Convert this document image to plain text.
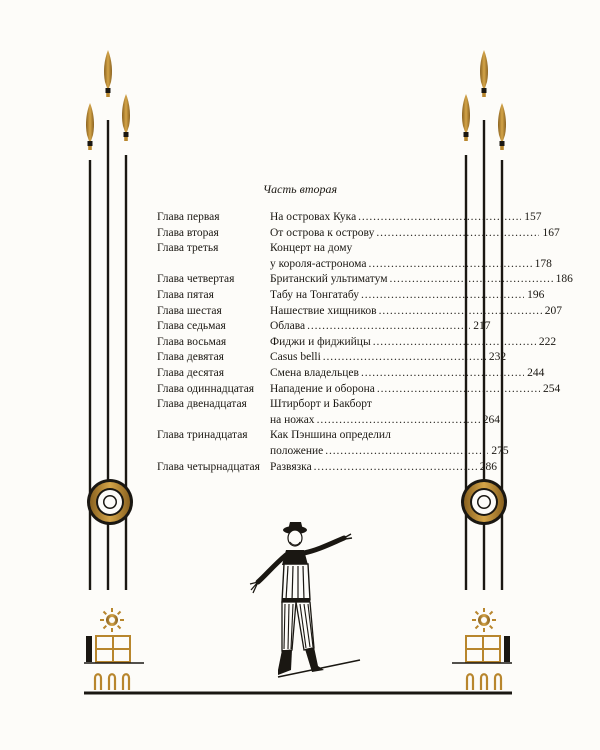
Часть вторая
Глава первая	На островах Кука . . .	157
Глава вторая	От острова к острову . . .	167
Глава третья	Концерт на дому
у короля-астронома . . .	178
Глава четвертая	Британский ультиматум . . .	186
Глава пятая	Табу на Тонгатабу . . .	196
Глава шестая	Нашествие хищников . . .	207
Глава седьмая	Облава . . .	217
Глава восьмая	Фиджи и фиджийцы . . .	222
Глава девятая	Casus belli . . .	232
Глава десятая	Смена владельцев . . .	244
Глава одиннадцатая	Нападение и оборона . . .	254
Глава двенадцатая	Штирборт и Бакборт
на ножах . . .	264
Глава тринадцатая	Как Пэншина определил
положение . . .	275
Глава четырнадцатая Развязка . . .	286
